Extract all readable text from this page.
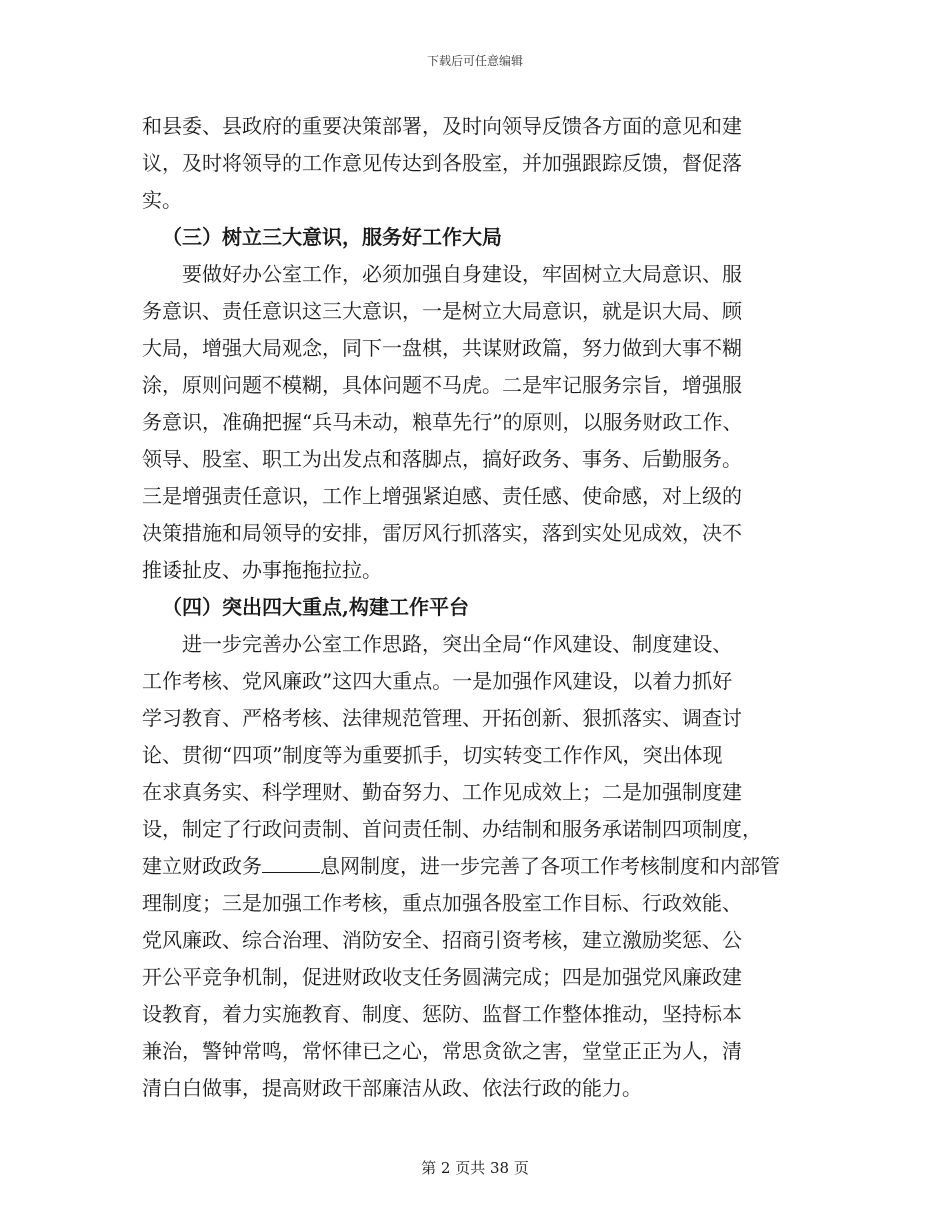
下载后可任意编辑
和县委、县政府的重要决策部署，及时向领导反馈各方面的意见和建
议，及时将领导的工作意见传达到各股室，并加强跟踪反馈，督促落
实。
（三）树立三大意识，服务好工作大局
要做好办公室工作，必须加强自身建设，牢固树立大局意识、服
务意识、责任意识这三大意识，一是树立大局意识，就是识大局、顾
大局，增强大局观念，同下一盘棋，共谋财政篇，努力做到大事不糊
涂，原则问题不模糊，具体问题不马虎。二是牢记服务宗旨，增强服
务意识，准确把握“兵马未动，粮草先行”的原则，以服务财政工作、
领导、股室、职工为出发点和落脚点，搞好政务、事务、后勤服务。
三是增强责任意识，工作上增强紧迫感、责任感、使命感，对上级的
决策措施和局领导的安排，雷厉风行抓落实，落到实处见成效，决不
推诿扯皮、办事拖拖拉拉。
（四）突出四大重点,构建工作平台
进一步完善办公室工作思路，突出全局“作风建设、制度建设、
工作考核、党风廉政”这四大重点。一是加强作风建设，以着力抓好
学习教育、严格考核、法律规范管理、开拓创新、狠抓落实、调查讨
论、贯彻“四项”制度等为重要抓手，切实转变工作作风，突出体现
在求真务实、科学理财、勤奋努力、工作见成效上；二是加强制度建
设，制定了行政问责制、首问责任制、办结制和服务承诺制四项制度，
建立财政政务	息网制度，进一步完善了各项工作考核制度和内部管
理制度；三是加强工作考核，重点加强各股室工作目标、行政效能、
党风廉政、综合治理、消防安全、招商引资考核，建立激励奖惩、公
开公平竞争机制，促进财政收支任务圆满完成；四是加强党风廉政建
设教育，着力实施教育、制度、惩防、监督工作整体推动，坚持标本
兼治，警钟常鸣，常怀律已之心，常思贪欲之害，堂堂正正为人，清
清白白做事，提高财政干部廉洁从政、依法行政的能力。
第 2 页共 38 页
